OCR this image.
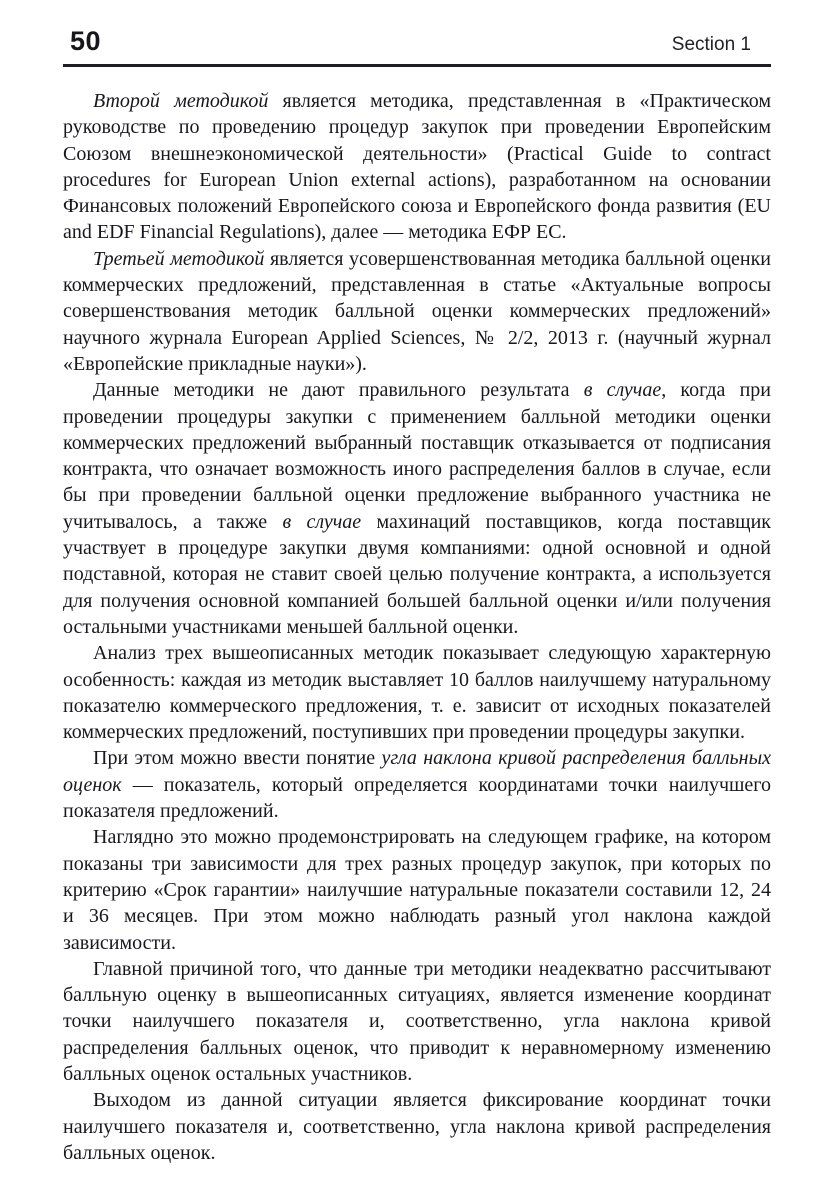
50	Section 1

Второй методикой является методика, представленная в «Практическом руководстве по проведению процедур закупок при проведении Европейским Союзом внешнеэкономической деятельности» (Practical Guide to contract procedures for European Union external actions), разработанном на основании Финансовых положений Европейского союза и Европейского фонда развития (EU and EDF Financial Regulations), далее — методика ЕФР ЕС.

Третьей методикой является усовершенствованная методика балльной оценки коммерческих предложений, представленная в статье «Актуальные вопросы совершенствования методик балльной оценки коммерческих предложений» научного журнала European Applied Sciences, № 2/2, 2013 г. (научный журнал «Европейские прикладные науки»).

Данные методики не дают правильного результата в случае, когда при проведении процедуры закупки с применением балльной методики оценки коммерческих предложений выбранный поставщик отказывается от подписания контракта, что означает возможность иного распределения баллов в случае, если бы при проведении балльной оценки предложение выбранного участника не учитывалось, а также в случае махинаций поставщиков, когда поставщик участвует в процедуре закупки двумя компаниями: одной основной и одной подставной, которая не ставит своей целью получение контракта, а используется для получения основной компанией большей балльной оценки и/или получения остальными участниками меньшей балльной оценки.

Анализ трех вышеописанных методик показывает следующую характерную особенность: каждая из методик выставляет 10 баллов наилучшему натуральному показателю коммерческого предложения, т. е. зависит от исходных показателей коммерческих предложений, поступивших при проведении процедуры закупки.

При этом можно ввести понятие угла наклона кривой распределения балльных оценок — показатель, который определяется координатами точки наилучшего показателя предложений.

Наглядно это можно продемонстрировать на следующем графике, на котором показаны три зависимости для трех разных процедур закупок, при которых по критерию «Срок гарантии» наилучшие натуральные показатели составили 12, 24 и 36 месяцев. При этом можно наблюдать разный угол наклона каждой зависимости.

Главной причиной того, что данные три методики неадекватно рассчитывают балльную оценку в вышеописанных ситуациях, является изменение координат точки наилучшего показателя и, соответственно, угла наклона кривой распределения балльных оценок, что приводит к неравномерному изменению балльных оценок остальных участников.

Выходом из данной ситуации является фиксирование координат точки наилучшего показателя и, соответственно, угла наклона кривой распределения балльных оценок.
